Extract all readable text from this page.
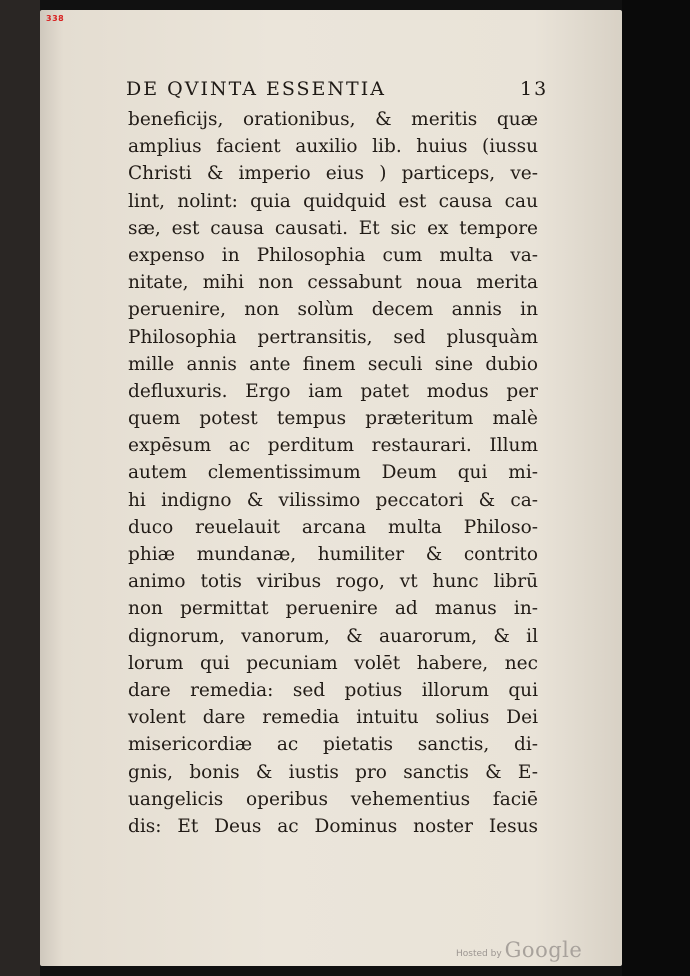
338
DE QVINTA ESSENTIA	13
beneficijs, orationibus, & meritis quæ
amplius facient auxilio lib. huius (iussu
Christi & imperio eius ) particeps, ve-
lint, nolint: quia quidquid est causa cau
sæ, est causa causati. Et sic ex tempore
expenso in Philosophia cum multa va-
nitate, mihi non cessabunt noua merita
peruenire, non solùm decem annis in
Philosophia pertransitis, sed plusquàm
mille annis ante finem seculi sine dubio
defluxuris. Ergo iam patet modus per
quem potest tempus præteritum malè
expēsum ac perditum restaurari. Illum
autem clementissimum Deum qui mi-
hi indigno & vilissimo peccatori & ca-
duco reuelauit arcana multa Philoso-
phiæ mundanæ, humiliter & contrito
animo totis viribus rogo, vt hunc librū
non permittat peruenire ad manus in-
dignorum, vanorum, & auarorum, & il
lorum qui pecuniam volēt habere, nec
dare remedia: sed potius illorum qui
volent dare remedia intuitu solius Dei
misericordiæ ac pietatis sanctis, di-
gnis, bonis & iustis pro sanctis & E-
uangelicis operibus vehementius faciē
dis: Et Deus ac Dominus noster Iesus
Hosted by Google
